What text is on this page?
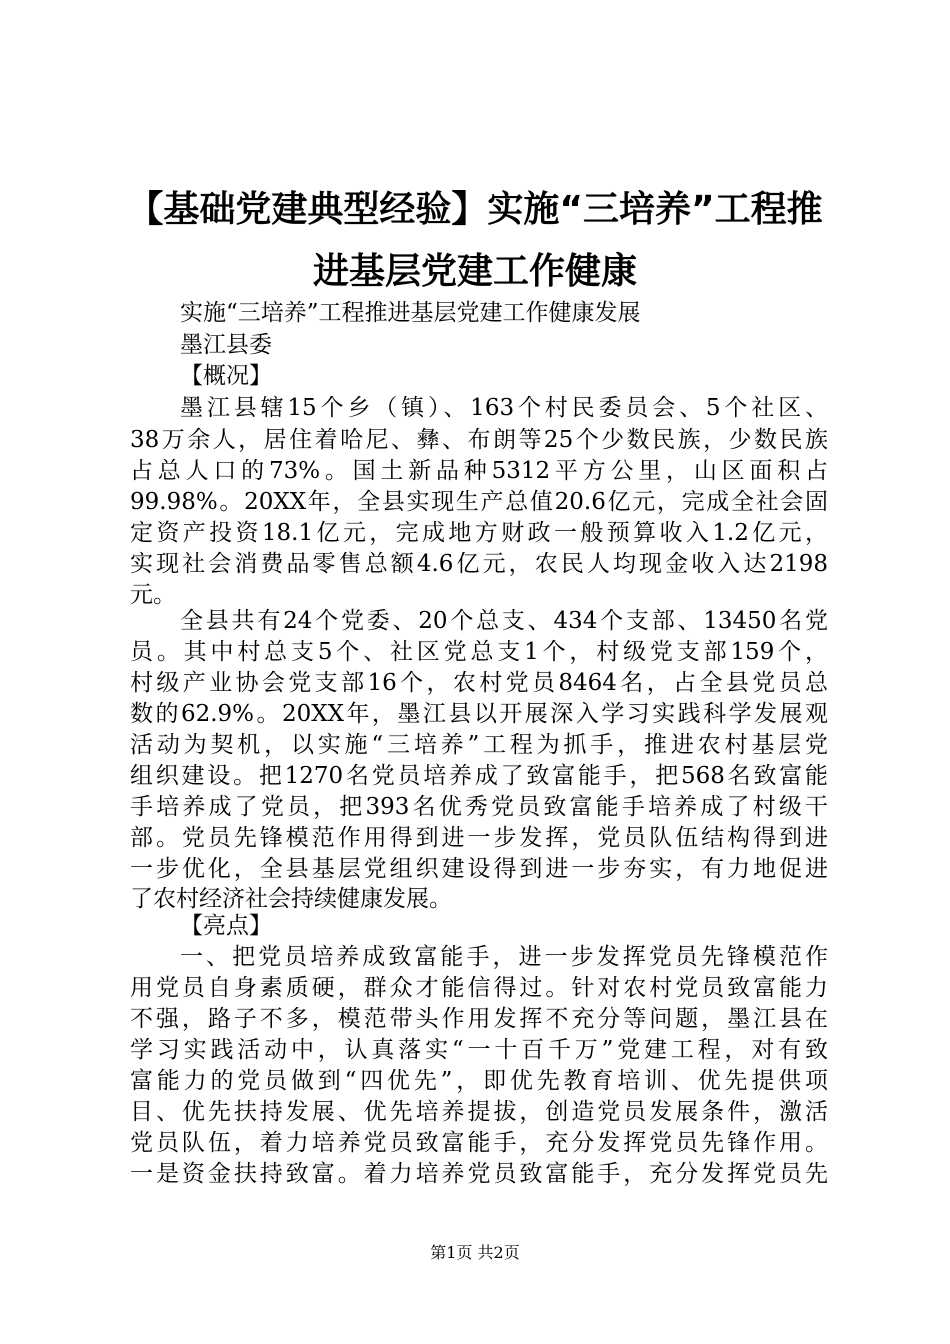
【基础党建典型经验】实施“三培养”工程推
进基层党建工作健康
实施“三培养”工程推进基层党建工作健康发展
墨江县委
【概况】
墨江县辖15个乡（镇）、163个村民委员会、5个社区、
38万余人，居住着哈尼、彝、布朗等25个少数民族，少数民族
占总人口的73%。国土新品种5312平方公里，山区面积占
99.98%。20XX年，全县实现生产总值20.6亿元，完成全社会固
定资产投资18.1亿元，完成地方财政一般预算收入1.2亿元，
实现社会消费品零售总额4.6亿元，农民人均现金收入达2198
元。
全县共有24个党委、20个总支、434个支部、13450名党
员。其中村总支5个、社区党总支1个，村级党支部159个，
村级产业协会党支部16个，农村党员8464名，占全县党员总
数的62.9%。20XX年，墨江县以开展深入学习实践科学发展观
活动为契机，以实施“三培养”工程为抓手，推进农村基层党
组织建设。把1270名党员培养成了致富能手，把568名致富能
手培养成了党员，把393名优秀党员致富能手培养成了村级干
部。党员先锋模范作用得到进一步发挥，党员队伍结构得到进
一步优化，全县基层党组织建设得到进一步夯实，有力地促进
了农村经济社会持续健康发展。
【亮点】
一、把党员培养成致富能手，进一步发挥党员先锋模范作
用党员自身素质硬，群众才能信得过。针对农村党员致富能力
不强，路子不多，模范带头作用发挥不充分等问题，墨江县在
学习实践活动中，认真落实“一十百千万”党建工程，对有致
富能力的党员做到“四优先”，即优先教育培训、优先提供项
目、优先扶持发展、优先培养提拔，创造党员发展条件，激活
党员队伍，着力培养党员致富能手，充分发挥党员先锋作用。
一是资金扶持致富。着力培养党员致富能手，充分发挥党员先
第1页 共2页
